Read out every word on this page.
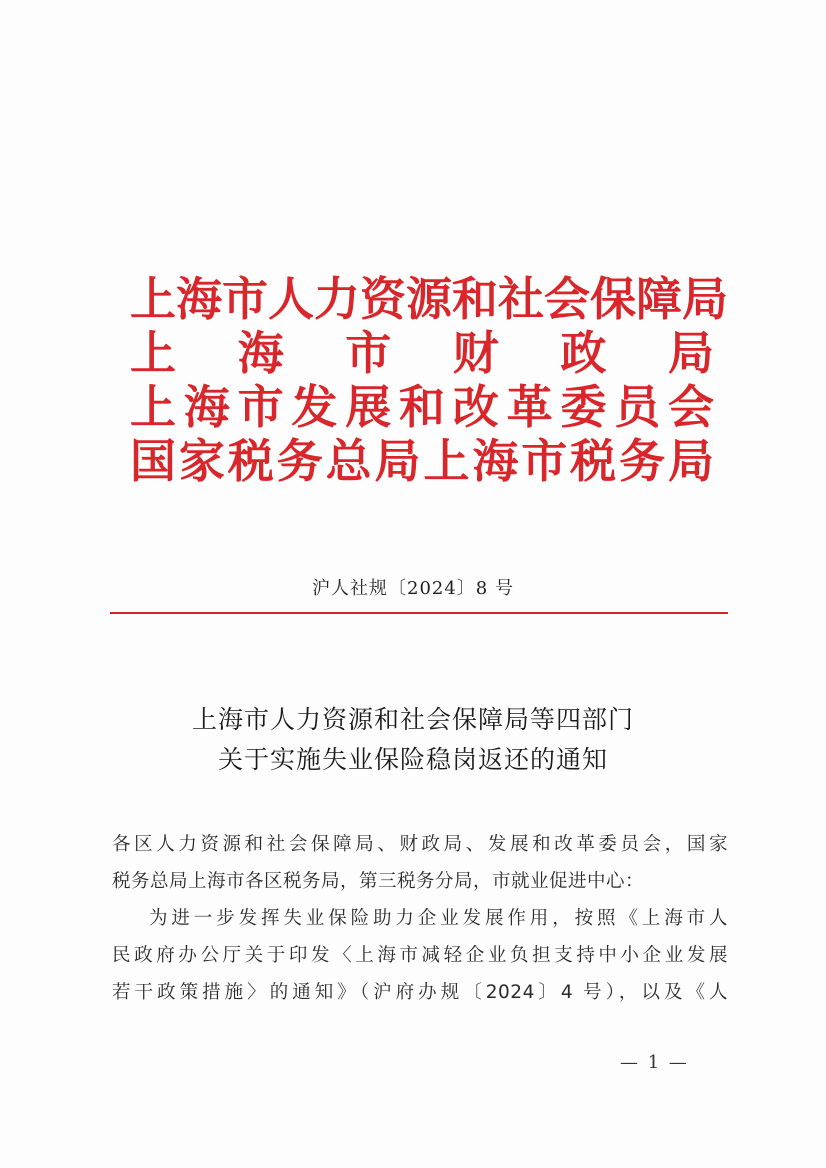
上海市人力资源和社会保障局
上　海　市　财　政　局
上海市发展和改革委员会
国家税务总局上海市税务局
沪人社规〔2024〕8 号
上海市人力资源和社会保障局等四部门
关于实施失业保险稳岗返还的通知
各区人力资源和社会保障局、财政局、发展和改革委员会，国家
税务总局上海市各区税务局，第三税务分局，市就业促进中心：
为进一步发挥失业保险助力企业发展作用，按照《上海市人
民政府办公厅关于印发〈上海市减轻企业负担支持中小企业发展
若干政策措施〉的通知》（沪府办规〔2024〕4 号），以及《人
— 1 —
